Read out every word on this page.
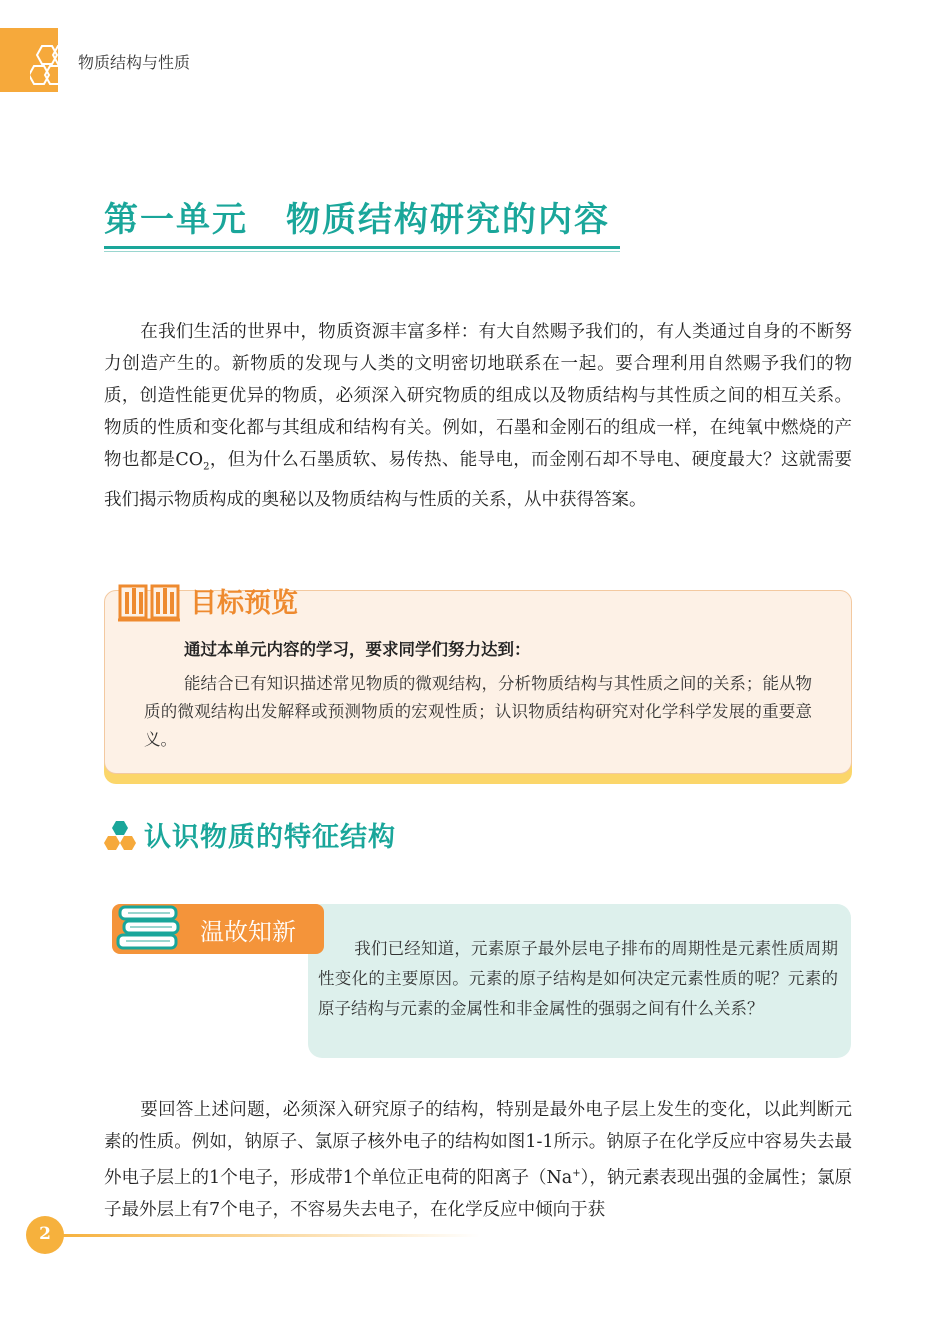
物质结构与性质
第一单元 物质结构研究的内容
在我们生活的世界中，物质资源丰富多样：有大自然赐予我们的，有人类通过自身的不断努力创造产生的。新物质的发现与人类的文明密切地联系在一起。要合理利用自然赐予我们的物质，创造性能更优异的物质，必须深入研究物质的组成以及物质结构与其性质之间的相互关系。物质的性质和变化都与其组成和结构有关。例如，石墨和金刚石的组成一样，在纯氧中燃烧的产物也都是$CO_2$，但为什么石墨质软、易传热、能导电，而金刚石却不导电、硬度最大？这就需要我们揭示物质构成的奥秘以及物质结构与性质的关系，从中获得答案。
目标预览
通过本单元内容的学习，要求同学们努力达到：
能结合已有知识描述常见物质的微观结构，分析物质结构与其性质之间的关系；能从物质的微观结构出发解释或预测物质的宏观性质；认识物质结构研究对化学科学发展的重要意义。
认识物质的特征结构
温故知新
我们已经知道，元素原子最外层电子排布的周期性是元素性质周期性变化的主要原因。元素的原子结构是如何决定元素性质的呢？元素的原子结构与元素的金属性和非金属性的强弱之间有什么关系？
要回答上述问题，必须深入研究原子的结构，特别是最外电子层上发生的变化，以此判断元素的性质。例如，钠原子、氯原子核外电子的结构如图1-1所示。钠原子在化学反应中容易失去最外电子层上的1个电子，形成带1个单位正电荷的阳离子（Na+），钠元素表现出强的金属性；氯原子最外层上有7个电子，不容易失去电子，在化学反应中倾向于获
2
